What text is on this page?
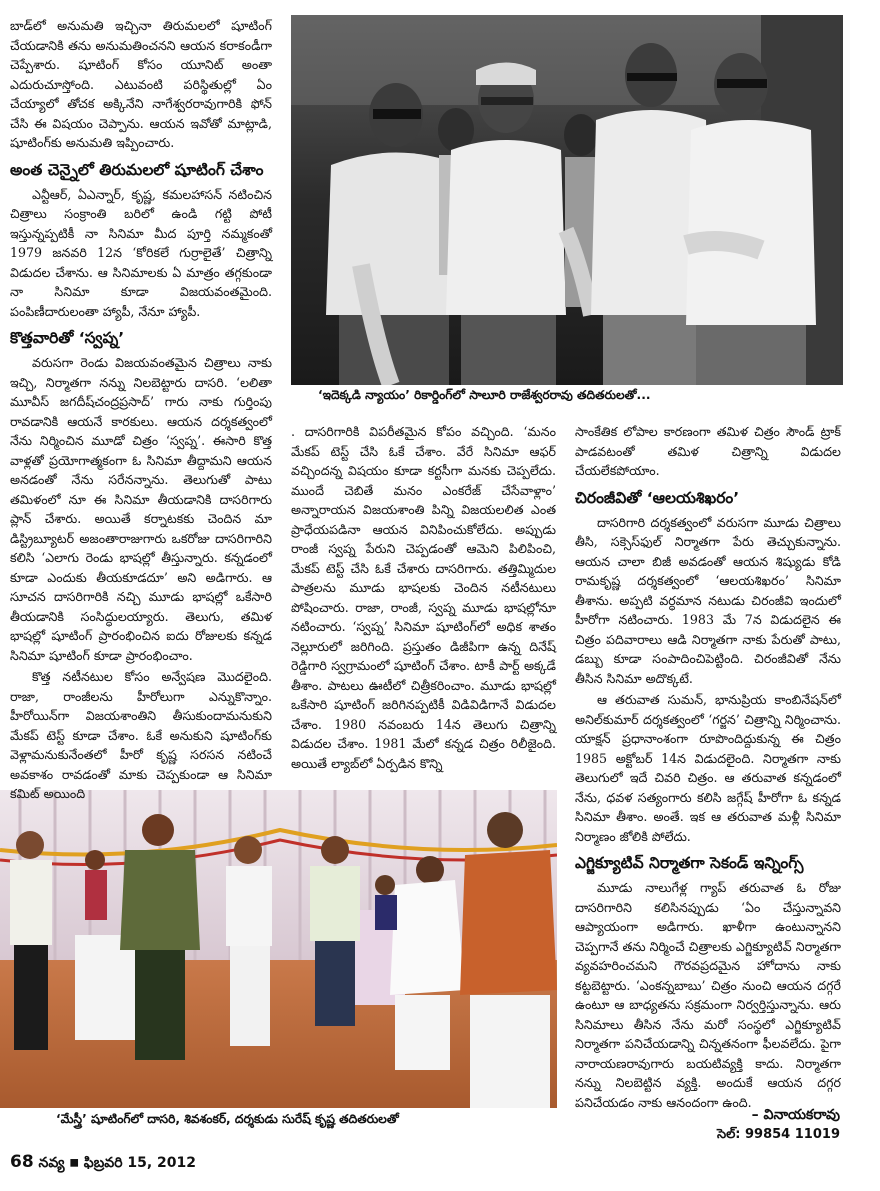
‘ఇదెక్కడి న్యాయం’ రికార్డింగ్‌లో సాలూరి రాజేశ్వరరావు తదితరులతో...
‘మేస్త్రీ’ షూటింగ్‌లో దాసరి, శివశంకర్, దర్శకుడు సురేష్ కృష్ణ తదితరులతో

బాడ్‌లో అనుమతి ఇచ్చినా తిరుమలలో షూటింగ్ చేయడానికి తను అనుమతించనని ఆయన కరాకండీగా చెప్పేశారు. షూటింగ్ కోసం యూనిట్ అంతా ఎదురుచూస్తోంది. ఎటువంటి పరిస్థితుల్లో ఏం చేయ్యాలో తోచక అక్కినేని నాగేశ్వరరావుగారికి ఫోన్ చేసి ఈ విషయం చెప్పాను. ఆయన ఇవోతో మాట్లాడి, షూటింగ్‌కు అనుమతి ఇప్పించారు.

అంత చెన్నైలో తిరుమలలో షూటింగ్ చేశాం

ఎన్టీఆర్, ఏఎన్నార్, కృష్ణ, కమలహాసన్ నటించిన చిత్రాలు సంక్రాంతి బరిలో ఉండి గట్టి పోటీ ఇస్తున్నప్పటికీ నా సినిమా మీద పూర్తి నమ్మకంతో 1979 జనవరి 12న ‘కోరికలే గుర్రాలైతే’ చిత్రాన్ని విడుదల చేశాను. ఆ సినిమాలకు ఏ మాత్రం తగ్గకుండా నా సినిమా కూడా విజయవంతమైంది. పంపిణీదారులంతా హ్యాపీ, నేనూ హ్యాపీ.

కొత్తవారితో ‘స్వప్న’

వరుసగా రెండు విజయవంతమైన చిత్రాలు నాకు ఇచ్చి, నిర్మాతగా నన్ను నిలబెట్టారు దాసరి. ‘లలితా మూవీస్ జగదీష్‌చంద్రప్రసాద్’ గారు నాకు గుర్తింపు రావడానికి ఆయనే కారకులు. ఆయన దర్శకత్వంలో నేను నిర్మించిన మూడో చిత్రం ‘స్వప్న’. ఈసారి కొత్త వాళ్లతో ప్రయోగాత్మకంగా ఓ సినిమా తీద్దామని ఆయన అనడంతో నేను సరేనన్నాను. తెలుగుతో పాటు తమిళంలో నూ ఈ సినిమా తీయడానికి దాసరిగారు ప్లాన్ చేశారు. అయితే కర్నాటకకు చెందిన మా డిస్ట్రిబ్యూటర్ అజంతారాజుగారు ఒకరోజు దాసరిగారిని కలిసి ‘ఎలాగు రెండు భాషల్లో తీస్తున్నారు. కన్నడంలో కూడా ఎందుకు తీయకూడదూ’ అని అడిగారు. ఆ సూచన దాసరిగారికి నచ్చి మూడు భాషల్లో ఒకేసారి తీయడానికి సంసిద్ధులయ్యారు. తెలుగు, తమిళ భాషల్లో షూటింగ్ ప్రారంభించిన ఐదు రోజులకు కన్నడ సినిమా షూటింగ్ కూడా ప్రారంభించాం.

కొత్త నటీనటుల కోసం అన్వేషణ మొదలైంది. రాజా, రాంజీలను హీరోలుగా ఎన్నుకొన్నాం. హీరోయిన్‌గా విజయశాంతిని తీసుకుందామనుకుని మేకప్ టెస్ట్ కూడా చేశాం. ఓకే అనుకుని షూటింగ్‌కు వెళ్లామనుకునేంతలో హీరో కృష్ణ సరసన నటించే అవకాశం రావడంతో మాకు చెప్పకుండా ఆ సినిమా కమిట్ అయింది

. దాసరిగారికి విపరీతమైన కోపం వచ్చింది. ‘మనం మేకప్ టెస్ట్ చేసి ఓకే చేశాం. వేరే సినిమా ఆఫర్ వచ్చిందన్న విషయం కూడా కర్టసీగా మనకు చెప్పలేదు. ముందే చెబితే మనం ఎంకరేజ్ చేసేవాళ్లాం’ అన్నారాయన విజయశాంతి పిన్ని విజయలలిత ఎంత ప్రాధేయపడినా ఆయన వినిపించుకోలేదు. అప్పుడు రాంజీ స్వప్న పేరుని చెప్పడంతో ఆమెని పిలిపించి, మేకప్ టెస్ట్ చేసి ఓకే చేశారు దాసరిగారు. తత్తిమ్మిదుల పాత్రలను మూడు భాషలకు చెందిన నటీనటులు పోషించారు. రాజా, రాంజీ, స్వప్న మూడు భాషల్లోనూ నటించారు. ‘స్వప్న’ సినిమా షూటింగ్‌లో అధిక శాతం నెల్లూరులో జరిగింది. ప్రస్తుతం డిజీపిగా ఉన్న దినేష్ రెడ్డిగారి స్వగ్రామంలో షూటింగ్ చేశాం. టాకీ పార్ట్ అక్కడే తీశాం. పాటలు ఊటీలో చిత్రీకరించాం. మూడు భాషల్లో ఒకేసారి షూటింగ్ జరిగినప్పటికీ విడివిడిగానే విడుదల చేశాం. 1980 నవంబరు 14న తెలుగు చిత్రాన్ని విడుదల చేశాం. 1981 మేలో కన్నడ చిత్రం రిలీజైంది. అయితే ల్యాబ్‌లో ఏర్పడిన కొన్ని

సాంకేతిక లోపాల కారణంగా తమిళ చిత్రం సౌండ్ ట్రాక్ పాడవటంతో తమిళ చిత్రాన్ని విడుదల చేయలేకపోయాం.

చిరంజీవితో ‘ఆలయశిఖరం’

దాసరిగారి దర్శకత్వంలో వరుసగా మూడు చిత్రాలు తీసి, సక్సెస్‌ఫుల్ నిర్మాతగా పేరు తెచ్చుకున్నాను. ఆయన చాలా బిజీ అవడంతో ఆయన శిష్యుడు కోడి రామకృష్ణ దర్శకత్వంలో ‘ఆలయశిఖరం’ సినిమా తీశాను. అప్పటి వర్ధమాన నటుడు చిరంజీవి ఇందులో హీరోగా నటించారు. 1983 మే 7న విడుదలైన ఈ చిత్రం పదివారాలు ఆడి నిర్మాతగా నాకు పేరుతో పాటు, డబ్బు కూడా సంపాదించిపెట్టింది. చిరంజీవితో నేను తీసిన సినిమా అదొక్కటే.

ఆ తరువాత సుమన్, భానుప్రియ కాంబినేషన్‌లో అనిల్‌కుమార్ దర్శకత్వంలో ‘గర్జన’ చిత్రాన్ని నిర్మించాను. యాక్షన్ ప్రధానాంశంగా రూపొందిద్దుకున్న ఈ చిత్రం 1985 అక్టోబర్ 14న విడుదలైంది. నిర్మాతగా నాకు తెలుగులో ఇదే చివరి చిత్రం. ఆ తరువాత కన్నడంలో నేను, ధవళ సత్యంగారు కలిసి జగ్గేష్ హీరోగా ఓ కన్నడ సినిమా తీశాం. అంతే. ఇక ఆ తరువాత మళ్లీ సినిమా నిర్మాణం జోలికి పోలేదు.

ఎగ్జిక్యూటివ్ నిర్మాతగా సెకండ్ ఇన్నింగ్స్

మూడు నాలుగేళ్ల గ్యాప్ తరువాత ఓ రోజు దాసరిగారిని కలిసినప్పుడు ‘ఏం చేస్తున్నావని ఆప్యాయంగా అడిగారు. ఖాళీగా ఉంటున్నానని చెప్పగానే తను నిర్మించే చిత్రాలకు ఎగ్జిక్యూటివ్ నిర్మాతగా వ్యవహరించమని గౌరవప్రదమైన హోదాను నాకు కట్టబెట్టారు. ‘ఎంకన్నబాబు’ చిత్రం నుంచి ఆయన దగ్గరే ఉంటూ ఆ బాధ్యతను సక్రమంగా నిర్వర్తిస్తున్నాను. ఆరు సినిమాలు తీసిన నేను మరో సంస్థలో ఎగ్జిక్యూటివ్ నిర్మాతగా పనిచేయడాన్ని చిన్నతనంగా ఫీలవలేదు. పైగా నారాయణరావుగారు బయటివ్యక్తి కాదు. నిర్మాతగా నన్ను నిలబెట్టిన వ్యక్తి. అందుకే ఆయన దగ్గర పనిచేయడం నాకు ఆనందంగా ఉంది.

– వినాయకరావు
సెల్: 99854 11019
68 నవ్య ■ ఫిబ్రవరి 15, 2012
